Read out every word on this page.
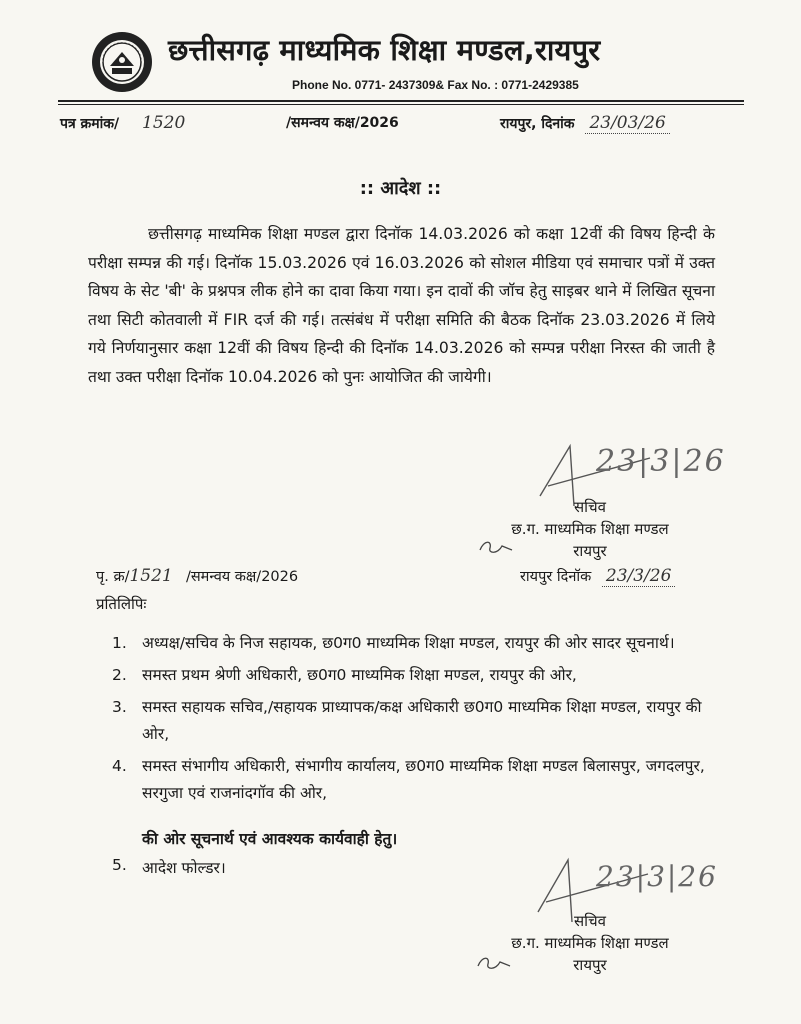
छत्तीसगढ़ माध्यमिक शिक्षा मण्डल,रायपुर
Phone No. 0771- 2437309& Fax No. : 0771-2429385
पत्र क्रमांक/ 1520	/समन्वय कक्ष/2026	रायपुर, दिनांक 23/03/26
:: आदेश ::
छत्तीसगढ़ माध्यमिक शिक्षा मण्डल द्वारा दिनॉक 14.03.2026 को कक्षा 12वीं की विषय हिन्दी के परीक्षा सम्पन्न की गई। दिनॉक 15.03.2026 एवं 16.03.2026 को सोशल मीडिया एवं समाचार पत्रों में उक्त विषय के सेट 'बी' के प्रश्नपत्र लीक होने का दावा किया गया। इन दावों की जॉच हेतु साइबर थाने में लिखित सूचना तथा सिटी कोतवाली में FIR दर्ज की गई। तत्संबंध में परीक्षा समिति की बैठक दिनॉक 23.03.2026 में लिये गये निर्णयानुसार कक्षा 12वीं की विषय हिन्दी की दिनॉक 14.03.2026 को सम्पन्न परीक्षा निरस्त की जाती है तथा उक्त परीक्षा दिनॉक 10.04.2026 को पुनः आयोजित की जायेगी।
23|3|26
सचिव
छ.ग. माध्यमिक शिक्षा मण्डल
रायपुर
पृ. क्र/1521 /समन्वय कक्ष/2026	रायपुर दिनॉक 23/3/26
प्रतिलिपिः
1. अध्यक्ष/सचिव के निज सहायक, छ0ग0 माध्यमिक शिक्षा मण्डल, रायपुर की ओर सादर सूचनार्थ।
2. समस्त प्रथम श्रेणी अधिकारी, छ0ग0 माध्यमिक शिक्षा मण्डल, रायपुर की ओर,
3. समस्त सहायक सचिव,/सहायक प्राध्यापक/कक्ष अधिकारी छ0ग0 माध्यमिक शिक्षा मण्डल, रायपुर की ओर,
4. समस्त संभागीय अधिकारी, संभागीय कार्यालय, छ0ग0 माध्यमिक शिक्षा मण्डल बिलासपुर, जगदलपुर, सरगुजा एवं राजनांदगॉव की ओर,
की ओर सूचनार्थ एवं आवश्यक कार्यवाही हेतु।
5. आदेश फोल्डर।	23|3|26
सचिव
छ.ग. माध्यमिक शिक्षा मण्डल
रायपुर
